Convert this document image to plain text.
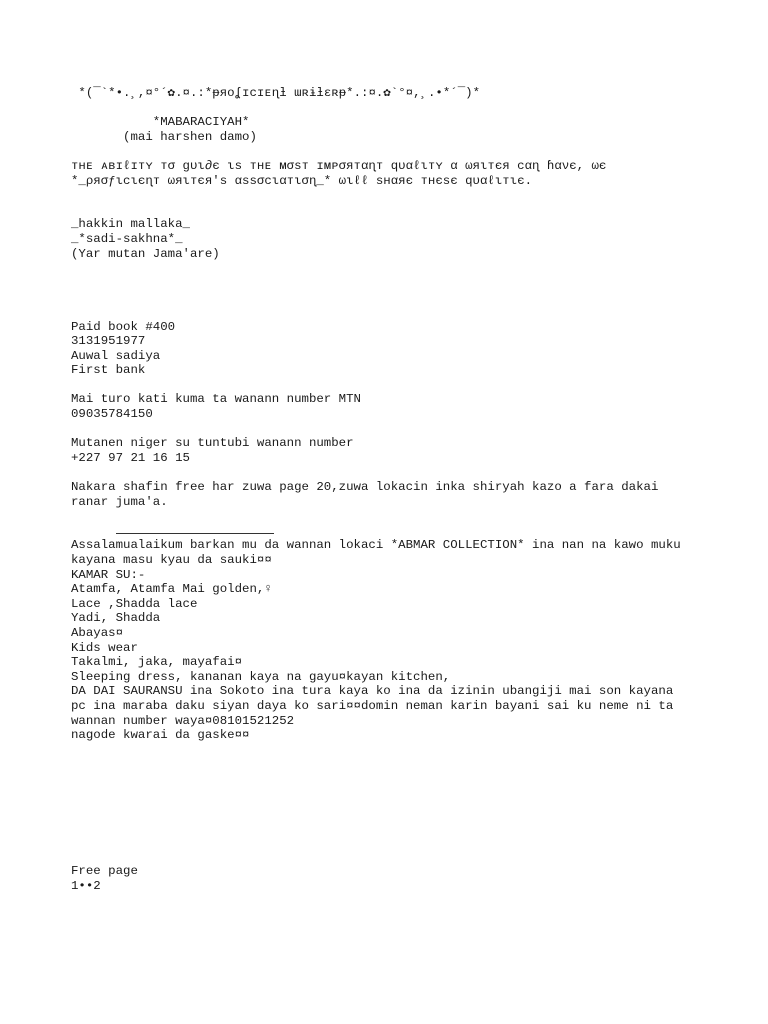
*(¯`*•.¸,¤°´✿.¤.:*ᵽᴙᴏʆɪᴄɪᴇɳƚ ɯʀɨƚɛʀᵽ*.:¤.✿`°¤,¸.•*´¯)*
*MABARACIYAH*
(mai harshen damo)
ᴛʜᴇ ᴀʙɪℓɪᴛʏ ᴛσ gυι∂є ιѕ ᴛʜᴇ ᴍσѕᴛ ɪᴍᴘσᴙᴛαɳᴛ qυαℓιᴛʏ α ωяιᴛєя ᴄαɳ ɦανє, ωє
*_ρяσƒιᴄιєɳᴛ ωяιᴛєя's αѕѕσᴄιαᴛισɳ_* ωιℓℓ ѕʜαяє ᴛʜєѕє qυαℓιᴛιє.
_hakkin mallaka_
_*sadi-sakhna*_
(Yar mutan Jama'are)
Paid book #400
3131951977
Auwal sadiya
First bank
Mai turo kati kuma ta wanann number MTN
09035784150
Mutanen niger su tuntubi wanann number
+227 97 21 16 15
Nakara shafin free har zuwa page 20,zuwa lokacin inka shiryah kazo a fara dakai
ranar juma'a.
Assalamualaikum barkan mu da wannan lokaci *ABMAR COLLECTION* ina nan na kawo muku
kayana masu kyau da sauki¤¤
KAMAR SU:-
Atamfa, Atamfa Mai golden,♀
Lace ,Shadda lace
Yadi, Shadda
Abayas¤
Kids wear
Takalmi, jaka, mayafai¤
Sleeping dress, kananan kaya na gayu¤kayan kitchen,
DA DAI SAURANSU ina Sokoto ina tura kaya ko ina da izinin ubangiji mai son kayana
pc ina maraba daku siyan daya ko sari¤¤domin neman karin bayani sai ku neme ni ta
wannan number waya¤08101521252
nagode kwarai da gaske¤¤
Free page
1••2
